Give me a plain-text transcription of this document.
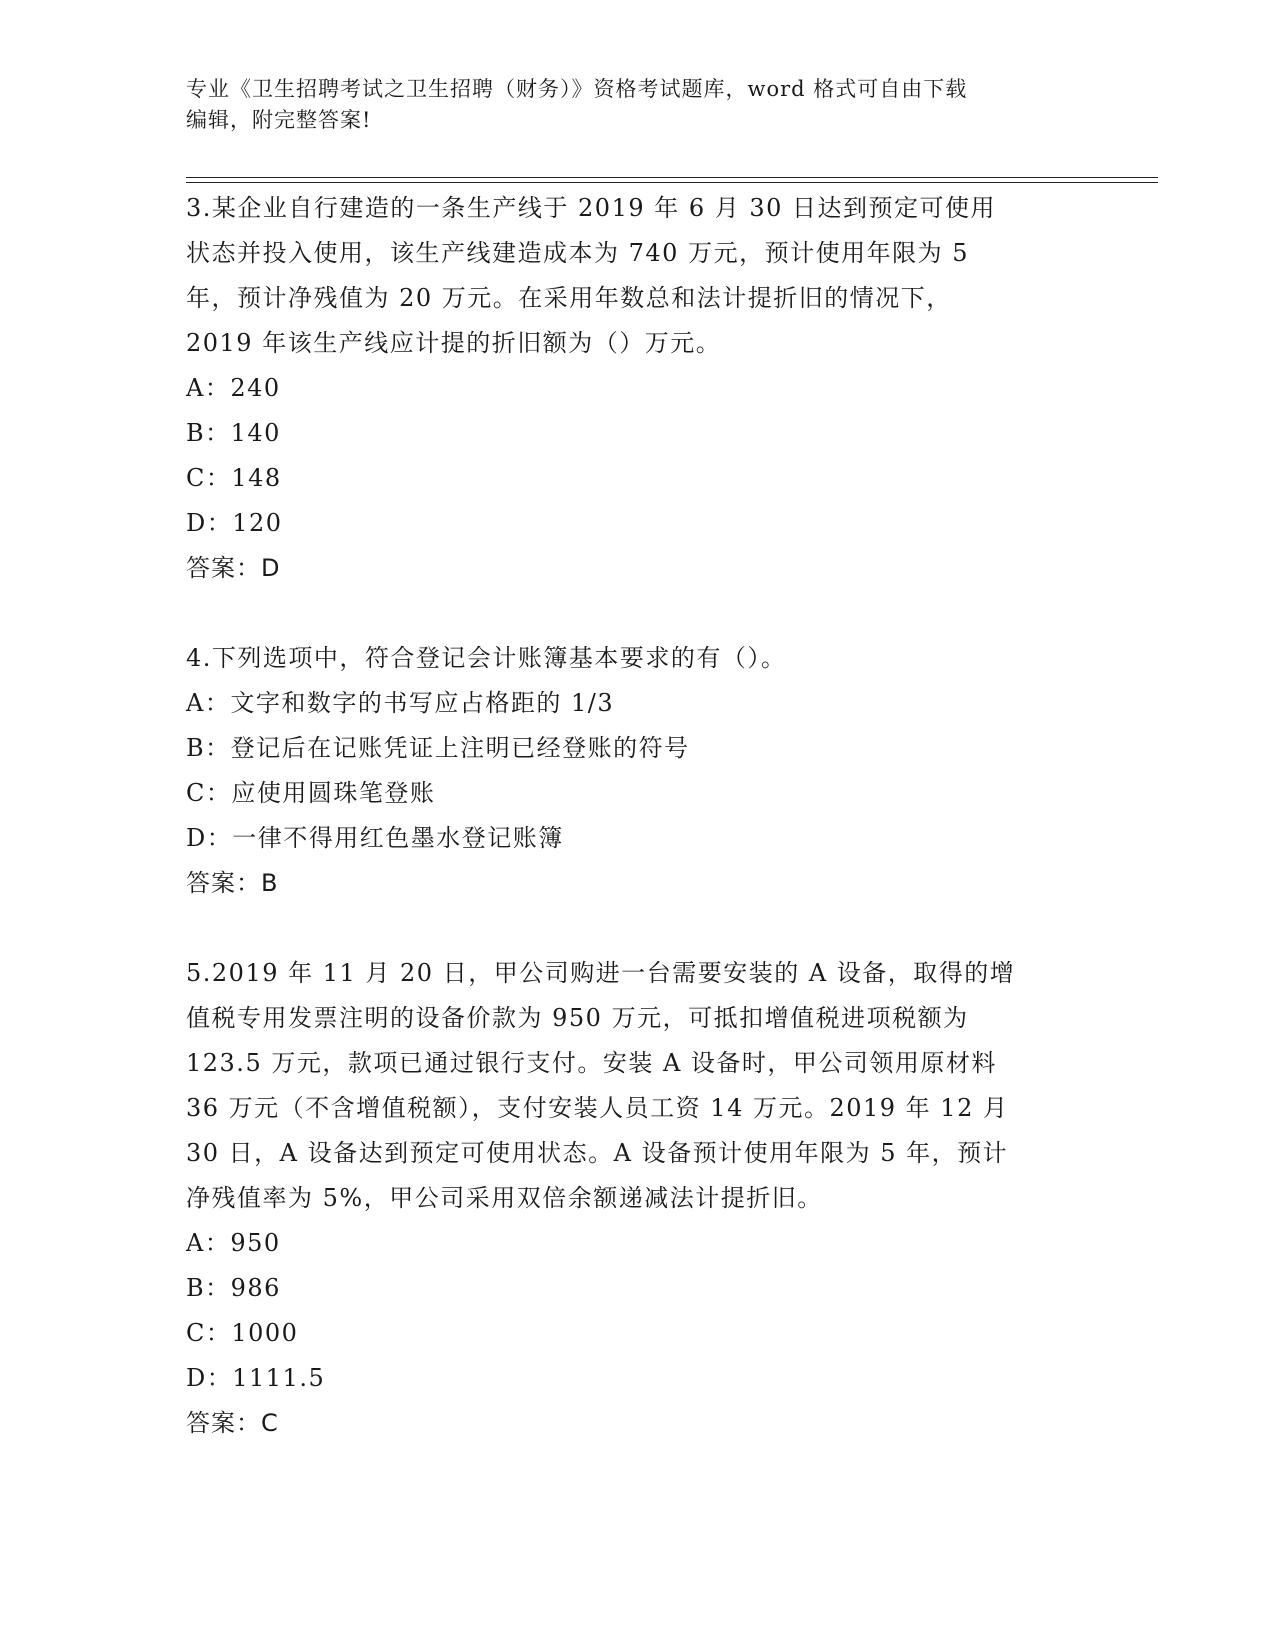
专业《卫生招聘考试之卫生招聘（财务）》资格考试题库，word 格式可自由下载
编辑，附完整答案!

3.某企业自行建造的一条生产线于 2019 年 6 月 30 日达到预定可使用

状态并投入使用，该生产线建造成本为 740 万元，预计使用年限为 5

年，预计净残值为 20 万元。在采用年数总和法计提折旧的情况下，

2019 年该生产线应计提的折旧额为（）万元。

A：240

B：140

C：148

D：120

答案：D

4.下列选项中，符合登记会计账簿基本要求的有（）。

A：文字和数字的书写应占格距的 1/3

B：登记后在记账凭证上注明已经登账的符号

C：应使用圆珠笔登账

D：一律不得用红色墨水登记账簿

答案：B

5.2019 年 11 月 20 日，甲公司购进一台需要安装的 A 设备，取得的增

值税专用发票注明的设备价款为 950 万元，可抵扣增值税进项税额为

123.5 万元，款项已通过银行支付。安装 A 设备时，甲公司领用原材料

36 万元（不含增值税额），支付安装人员工资 14 万元。2019 年 12 月

30 日，A 设备达到预定可使用状态。A 设备预计使用年限为 5 年，预计

净残值率为 5%，甲公司采用双倍余额递减法计提折旧。

A：950

B：986

C：1000

D：1111.5

答案：C
